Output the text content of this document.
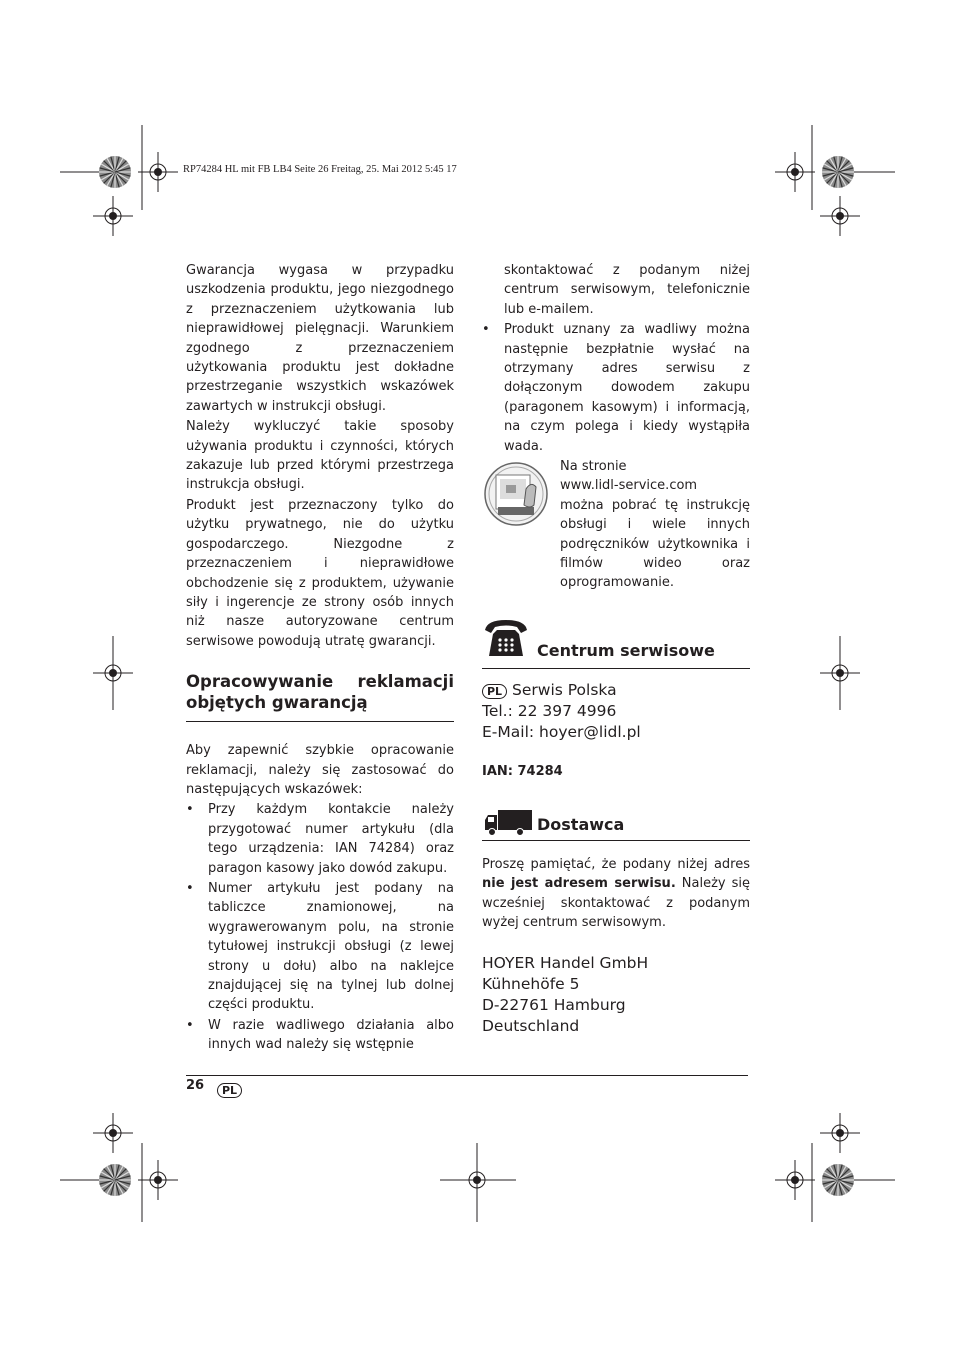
RP74284 HL mit FB LB4 Seite 26 Freitag, 25. Mai 2012 5:45 17

Gwarancja wygasa w przypadku uszkodzenia produktu, jego niezgodnego z przeznaczeniem użytkowania lub nieprawidłowej pielęgnacji. Warunkiem zgodnego z przeznaczeniem użytkowania produktu jest dokładne przestrzeganie wszystkich wskazówek zawartych w instrukcji obsługi.

Należy wykluczyć takie sposoby używania produktu i czynności, których zakazuje lub przed którymi przestrzega instrukcja obsługi.

Produkt jest przeznaczony tylko do użytku prywatnego, nie do użytku gospodarczego. Niezgodne z przeznaczeniem i nieprawidłowe obchodzenie się z produktem, używanie siły i ingerencje ze strony osób innych niż nasze autoryzowane centrum serwisowe powodują utratę gwarancji.

Opracowywanie reklamacji objętych gwarancją

Aby zapewnić szybkie opracowanie reklamacji, należy się zastosować do następujących wskazówek:

• Przy każdym kontakcie należy przygotować numer artykułu (dla tego urządzenia: IAN 74284) oraz paragon kasowy jako dowód zakupu.
• Numer artykułu jest podany na tabliczce znamionowej, na wygrawerowanym polu, na stronie tytułowej instrukcji obsługi (z lewej strony u dołu) albo na naklejce znajdującej się na tylnej lub dolnej części produktu.
• W razie wadliwego działania albo innych wad należy się wstępnie

skontaktować z podanym niżej centrum serwisowym, telefonicznie lub e-mailem.

• Produkt uznany za wadliwy można następnie bezpłatnie wysłać na otrzymany adres serwisu z dołączonym dowodem zakupu (paragonem kasowym) i informacją, na czym polega i kiedy wystąpiła wada.
Na stronie
www.lidl-service.com
można pobrać tę instrukcję obsługi i wiele innych podręczników użytkownika i filmów wideo oraz oprogramowanie.
Centrum serwisowe
PL Serwis Polska
Tel.: 22 397 4996
E-Mail: hoyer@lidl.pl
IAN: 74284
Dostawca
Proszę pamiętać, że podany niżej adres nie jest adresem serwisu. Należy się wcześniej skontaktować z podanym wyżej centrum serwisowym.
HOYER Handel GmbH
Kühnehöfe 5
D-22761 Hamburg
Deutschland
26	PL
